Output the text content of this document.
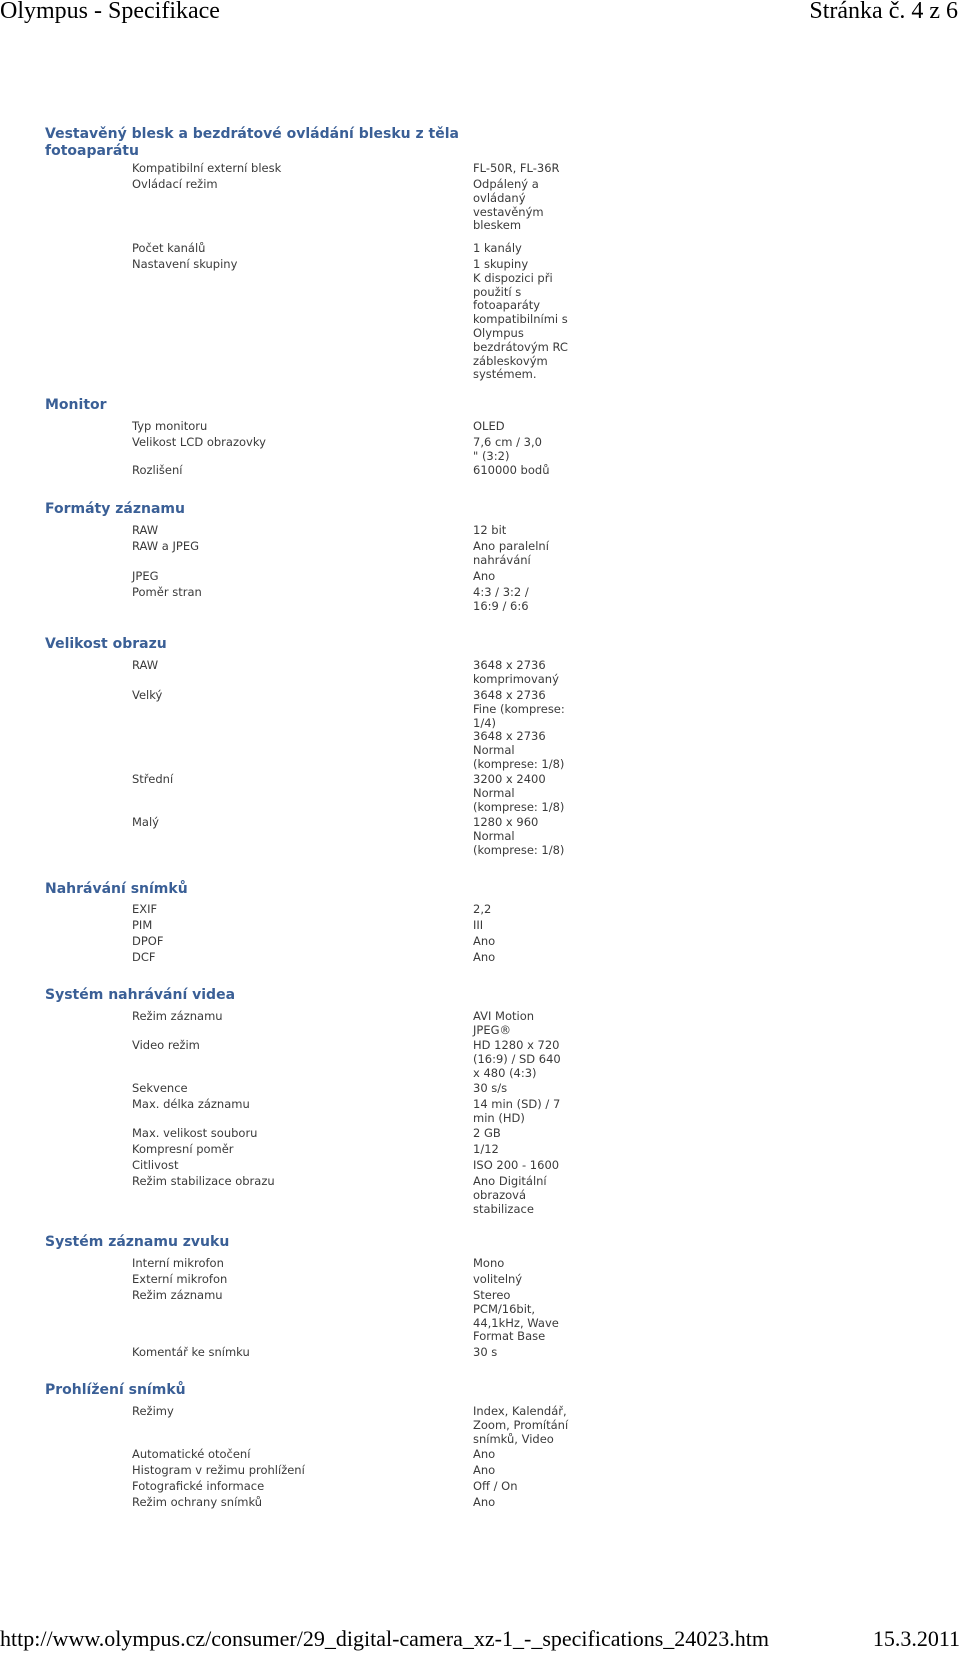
Olympus - Specifikace	Stránka č. 4 z 6
Vestavěný blesk a bezdrátové ovládání blesku z těla fotoaparátu
Kompatibilní externí blesk	FL-50R, FL-36R
Ovládací režim	Odpálený a
ovládaný
vestavěným
bleskem
Počet kanálů	1 kanály
Nastavení skupiny	1 skupiny
K dispozici při
použití s
fotoaparáty
kompatibilními s
Olympus
bezdrátovým RC
zábleskovým
systémem.
Monitor
Typ monitoru	OLED
Velikost LCD obrazovky	7,6 cm / 3,0
" (3:2)
Rozlišení	610000 bodů
Formáty záznamu
RAW	12 bit
RAW a JPEG	Ano paralelní
nahrávání
JPEG	Ano
Poměr stran	4:3 / 3:2 /
16:9 / 6:6
Velikost obrazu
RAW	3648 x 2736
komprimovaný
Velký	3648 x 2736
Fine (komprese:
1/4)
3648 x 2736
Normal
(komprese: 1/8)
Střední	3200 x 2400
Normal
(komprese: 1/8)
Malý	1280 x 960
Normal
(komprese: 1/8)
Nahrávání snímků
EXIF	2,2
PIM	III
DPOF	Ano
DCF	Ano
Systém nahrávání videa
Režim záznamu	AVI Motion
JPEG®
Video režim	HD 1280 x 720
(16:9) / SD 640
x 480 (4:3)
Sekvence	30 s/s
Max. délka záznamu	14 min (SD) / 7
min (HD)
Max. velikost souboru	2 GB
Kompresní poměr	1/12
Citlivost	ISO 200 - 1600
Režim stabilizace obrazu	Ano Digitální
obrazová
stabilizace
Systém záznamu zvuku
Interní mikrofon	Mono
Externí mikrofon	volitelný
Režim záznamu	Stereo
PCM/16bit,
44,1kHz, Wave
Format Base
Komentář ke snímku	30 s
Prohlížení snímků
Režimy	Index, Kalendář,
Zoom, Promítání
snímků, Video
Automatické otočení	Ano
Histogram v režimu prohlížení	Ano
Fotografické informace	Off / On
Režim ochrany snímků	Ano
http://www.olympus.cz/consumer/29_digital-camera_xz-1_-_specifications_24023.htm	15.3.2011
